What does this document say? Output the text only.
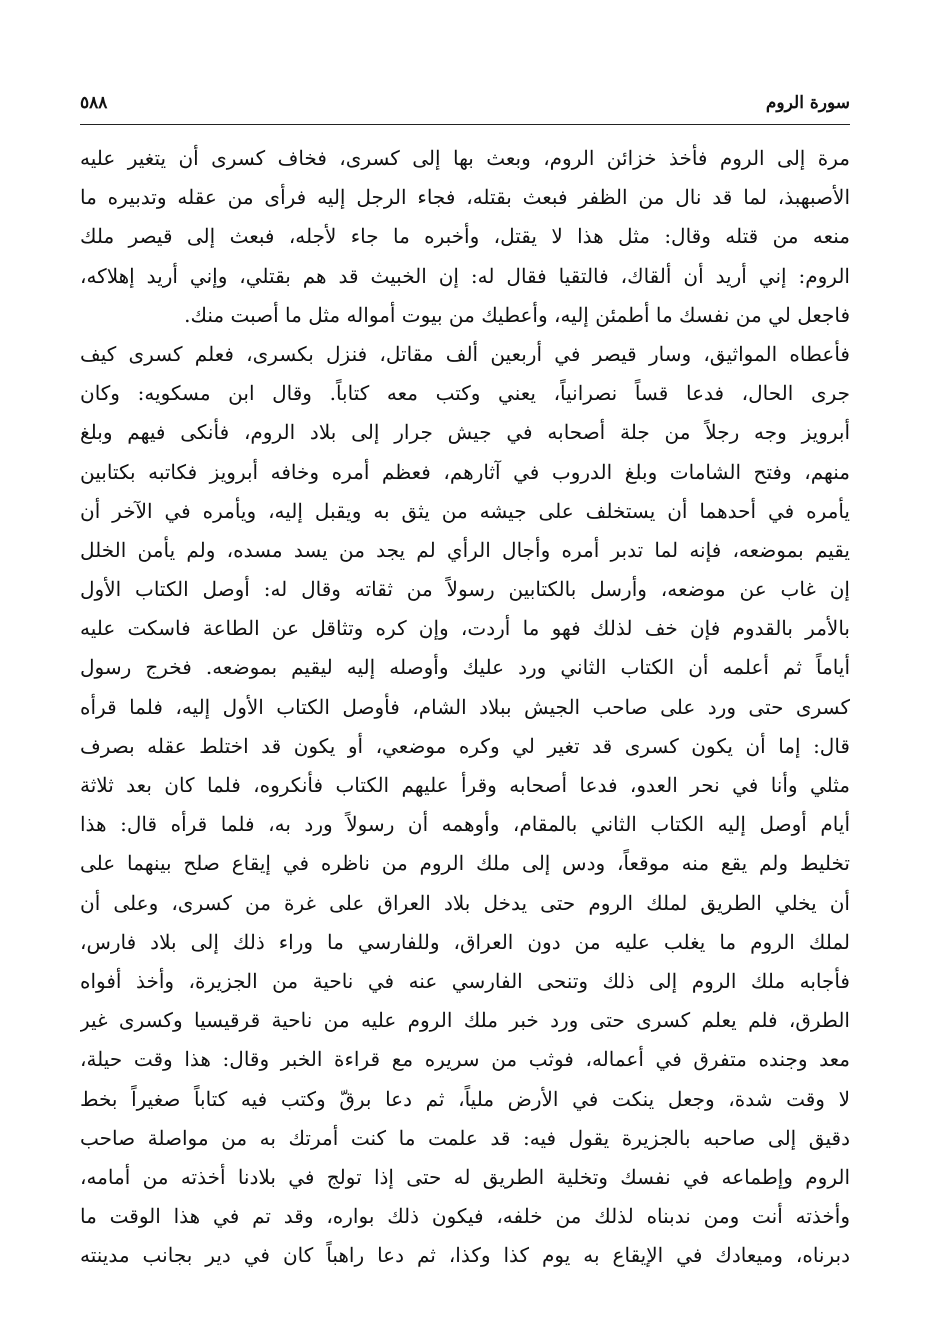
سورة الروم
٥٨٨
مرة إلى الروم فأخذ خزائن الروم، وبعث بها إلى كسرى، فخاف كسرى أن يتغير عليه
الأصبهبذ، لما قد نال من الظفر فبعث بقتله، فجاء الرجل إليه فرأى من عقله وتدبيره ما
منعه من قتله وقال: مثل هذا لا يقتل، وأخبره ما جاء لأجله، فبعث إلى قيصر ملك
الروم: إني أريد أن ألقاك، فالتقيا فقال له: إن الخبيث قد هم بقتلي، وإني أريد إهلاكه،
فاجعل لي من نفسك ما أطمئن إليه، وأعطيك من بيوت أمواله مثل ما أصبت منك.
فأعطاه المواثيق، وسار قيصر في أربعين ألف مقاتل، فنزل بكسرى، فعلم كسرى كيف
جرى الحال، فدعا قساً نصرانياً، يعني وكتب معه كتاباً. وقال ابن مسكويه: وكان
أبرويز وجه رجلاً من جلة أصحابه في جيش جرار إلى بلاد الروم، فأنكى فيهم وبلغ
منهم، وفتح الشامات وبلغ الدروب في آثارهم، فعظم أمره وخافه أبرويز فكاتبه بكتابين
يأمره في أحدهما أن يستخلف على جيشه من يثق به ويقبل إليه، ويأمره في الآخر أن
يقيم بموضعه، فإنه لما تدبر أمره وأجال الرأي لم يجد من يسد مسده، ولم يأمن الخلل
إن غاب عن موضعه، وأرسل بالكتابين رسولاً من ثقاته وقال له: أوصل الكتاب الأول
بالأمر بالقدوم فإن خف لذلك فهو ما أردت، وإن كره وتثاقل عن الطاعة فاسكت عليه
أياماً ثم أعلمه أن الكتاب الثاني ورد عليك وأوصله إليه ليقيم بموضعه. فخرج رسول
كسرى حتى ورد على صاحب الجيش ببلاد الشام، فأوصل الكتاب الأول إليه، فلما قرأه
قال: إما أن يكون كسرى قد تغير لي وكره موضعي، أو يكون قد اختلط عقله بصرف
مثلي وأنا في نحر العدو، فدعا أصحابه وقرأ عليهم الكتاب فأنكروه، فلما كان بعد ثلاثة
أيام أوصل إليه الكتاب الثاني بالمقام، وأوهمه أن رسولاً ورد به، فلما قرأه قال: هذا
تخليط ولم يقع منه موقعاً، ودس إلى ملك الروم من ناظره في إيقاع صلح بينهما على
أن يخلي الطريق لملك الروم حتى يدخل بلاد العراق على غرة من كسرى، وعلى أن
لملك الروم ما يغلب عليه من دون العراق، وللفارسي ما وراء ذلك إلى بلاد فارس،
فأجابه ملك الروم إلى ذلك وتنحى الفارسي عنه في ناحية من الجزيرة، وأخذ أفواه
الطرق، فلم يعلم كسرى حتى ورد خبر ملك الروم عليه من ناحية قرقيسيا وكسرى غير
معد وجنده متفرق في أعماله، فوثب من سريره مع قراءة الخبر وقال: هذا وقت حيلة،
لا وقت شدة، وجعل ينكت في الأرض ملياً، ثم دعا برقّ وكتب فيه كتاباً صغيراً بخط
دقيق إلى صاحبه بالجزيرة يقول فيه: قد علمت ما كنت أمرتك به من مواصلة صاحب
الروم وإطماعه في نفسك وتخلية الطريق له حتى إذا تولج في بلادنا أخذته من أمامه،
وأخذته أنت ومن ندبناه لذلك من خلفه، فيكون ذلك بواره، وقد تم في هذا الوقت ما
دبرناه، وميعادك في الإيقاع به يوم كذا وكذا، ثم دعا راهباً كان في دير بجانب مدينته
